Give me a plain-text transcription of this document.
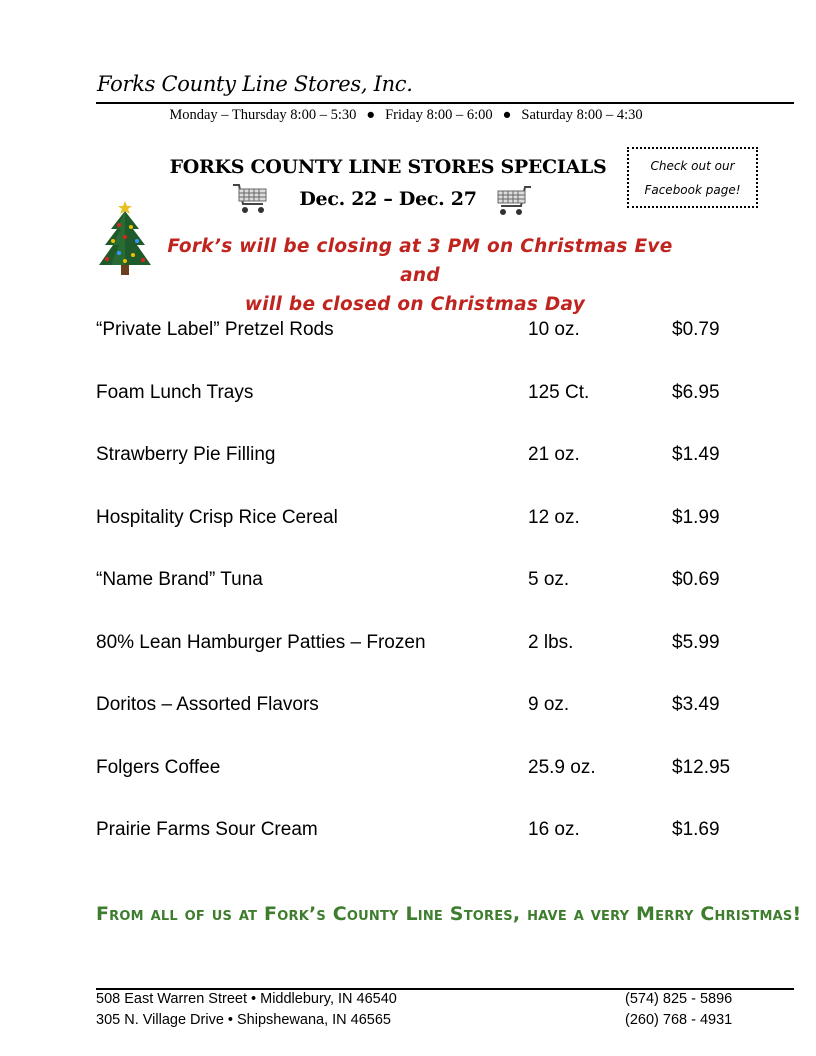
Forks County Line Stores, Inc.
Monday – Thursday 8:00 – 5:30 ● Friday 8:00 – 6:00 ● Saturday 8:00 – 4:30
FORKS COUNTY LINE STORES SPECIALS
Dec. 22 – Dec. 27
Check out our
Facebook page!
Fork’s will be closing at 3 PM on Christmas Eve and
will be closed on Christmas Day
“Private Label” Pretzel Rods	10 oz.	$0.79
Foam Lunch Trays	125 Ct.	$6.95
Strawberry Pie Filling	21 oz.	$1.49
Hospitality Crisp Rice Cereal	12 oz.	$1.99
“Name Brand” Tuna	5 oz.	$0.69
80% Lean Hamburger Patties – Frozen	2 lbs.	$5.99
Doritos – Assorted Flavors	9 oz.	$3.49
Folgers Coffee	25.9 oz.	$12.95
Prairie Farms Sour Cream	16 oz.	$1.69
From all of us at Fork’s County Line Stores, have a very Merry Christmas!
508 East Warren Street • Middlebury, IN 46540	(574) 825 - 5896
305 N. Village Drive • Shipshewana, IN 46565	(260) 768 - 4931
